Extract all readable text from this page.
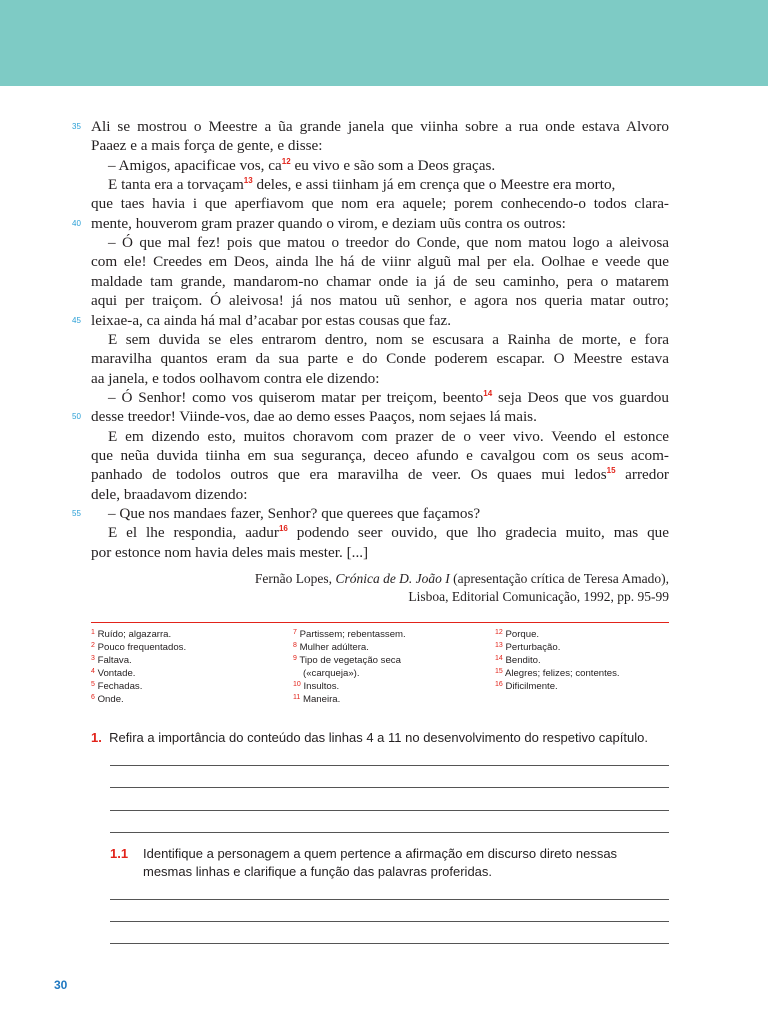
Ali se mostrou o Meestre a ũa grande janela que viinha sobre a rua onde estava Alvoro
35
Paaez e a mais força de gente, e disse:
– Amigos, apacificae vos, $ca^{12}$ eu vivo e são som a Deos graças.
E tanta era a torvaçam$^{13}$ deles, e assi tiinham já em crença que o Meestre era morto,
que taes havia i que aperfiavom que nom era aquele; porem conhecendo-o todos clara-
mente, houverom gram prazer quando o virom, e deziam uũs contra os outros:
40
– Ó que mal fez! pois que matou o treedor do Conde, que nom matou logo a aleivosa
com ele! Creedes em Deos, ainda lhe há de viinr alguũ mal per ela. Oolhae e veede que
maldade tam grande, mandarom-no chamar onde ia já de seu caminho, pera o matarem
aqui per traiçom. Ó aleivosa! já nos matou uũ senhor, e agora nos queria matar outro;
leixae-a, ca ainda há mal d’acabar por estas cousas que faz.
45
E sem duvida se eles entrarom dentro, nom se escusara a Rainha de morte, e fora
maravilha quantos eram da sua parte e do Conde poderem escapar. O Meestre estava
aa janela, e todos oolhavom contra ele dizendo:
– Ó Senhor! como vos quiserom matar per treiçom, beento$^{14}$ seja Deos que vos guardou
desse treedor! Viinde-vos, dae ao demo esses Paaços, nom sejaes lá mais.
50
E em dizendo esto, muitos choravom com prazer de o veer vivo. Veendo el estonce
que neũa duvida tiinha em sua segurança, deceo afundo e cavalgou com os seus acom-
panhado de todolos outros que era maravilha de veer. Os quaes mui ledos$^{15}$ arredor
dele, braadavom dizendo:
– Que nos mandaes fazer, Senhor? que querees que façamos?
55
E el lhe respondia, aadur$^{16}$ podendo seer ouvido, que lho gradecia muito, mas que
por estonce nom havia deles mais mester. [...]
Fernão Lopes, Crónica de D. João I (apresentação crítica de Teresa Amado),
Lisboa, Editorial Comunicação, 1992, pp. 95-99
$^1$ Ruído; algazarra.
$^2$ Pouco frequentados.
$^3$ Faltava.
$^4$ Vontade.
$^5$ Fechadas.
$^6$ Onde.
$^7$ Partissem; rebentassem.
$^8$ Mulher adúltera.
$^9$ Tipo de vegetação seca
(«carqueja»).
$^{10}$ Insultos.
$^{11}$ Maneira.
$^{12}$ Porque.
$^{13}$ Perturbação.
$^{14}$ Bendito.
$^{15}$ Alegres; felizes; contentes.
$^{16}$ Dificilmente.
1. Refira a importância do conteúdo das linhas 4 a 11 no desenvolvimento do respetivo capítulo.
1.1 Identifique a personagem a quem pertence a afirmação em discurso direto nessas
mesmas linhas e clarifique a função das palavras proferidas.
30
